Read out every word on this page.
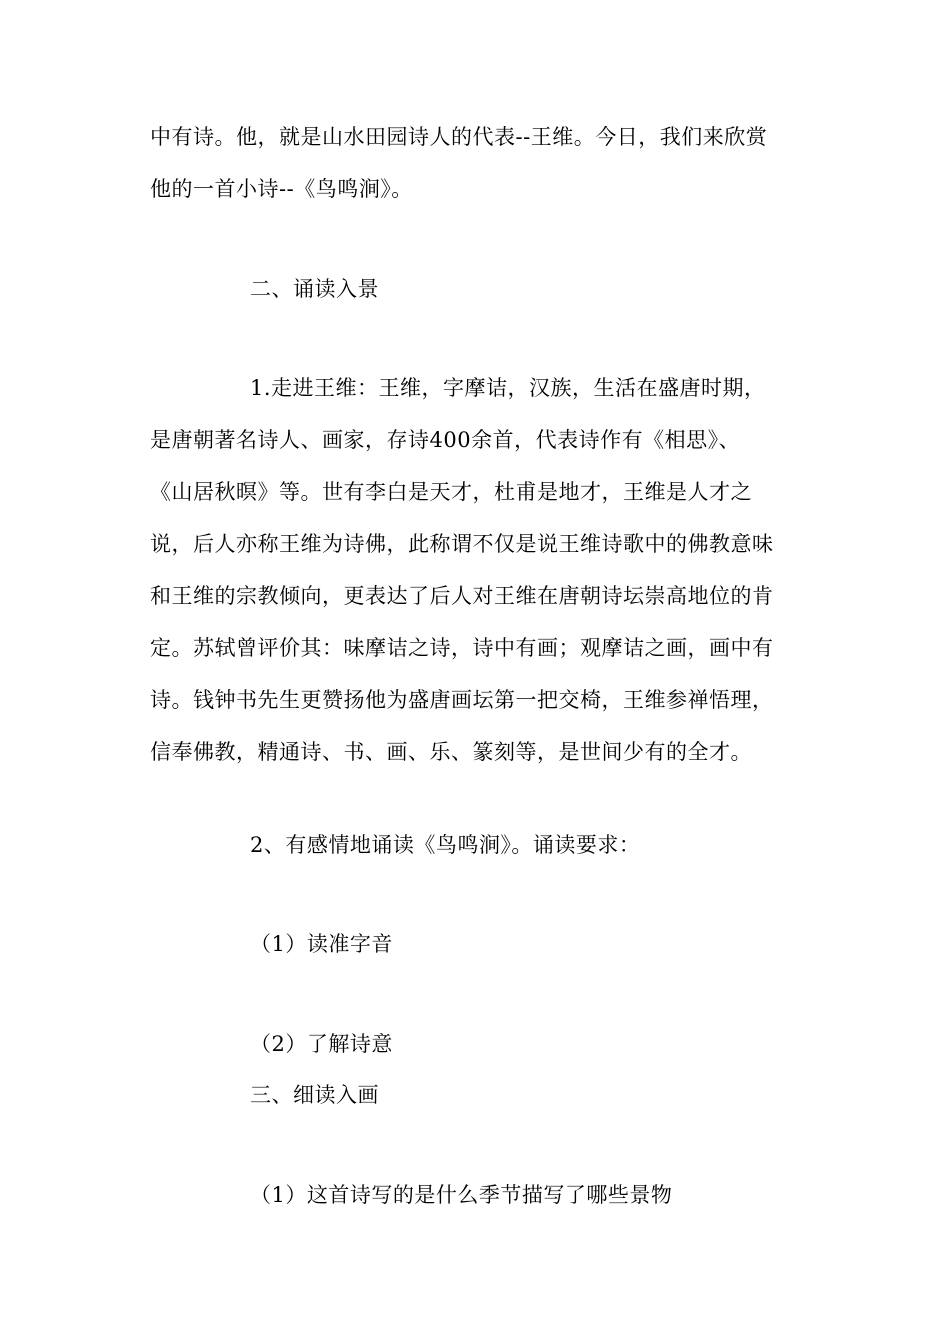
中有诗。他，就是山水田园诗人的代表--王维。今日，我们来欣赏
他的一首小诗--《鸟鸣涧》。
二、诵读入景
1.走进王维：王维，字摩诘，汉族，生活在盛唐时期，
是唐朝著名诗人、画家，存诗400余首，代表诗作有《相思》、
《山居秋暝》等。世有李白是天才，杜甫是地才，王维是人才之
说，后人亦称王维为诗佛，此称谓不仅是说王维诗歌中的佛教意味
和王维的宗教倾向，更表达了后人对王维在唐朝诗坛崇高地位的肯
定。苏轼曾评价其：味摩诘之诗，诗中有画；观摩诘之画，画中有
诗。钱钟书先生更赞扬他为盛唐画坛第一把交椅，王维参禅悟理，
信奉佛教，精通诗、书、画、乐、篆刻等，是世间少有的全才。
2、有感情地诵读《鸟鸣涧》。诵读要求：
（1）读准字音
（2）了解诗意
三、细读入画
（1）这首诗写的是什么季节描写了哪些景物
